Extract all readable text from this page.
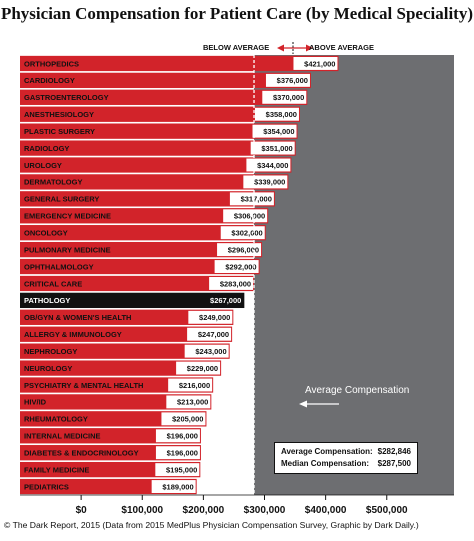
Physician Compensation for Patient Care (by Medical Speciality)
ORTHOPEDICS	$421,000
CARDIOLOGY	$376,000
GASTROENTEROLOGY	$370,000
ANESTHESIOLOGY	$358,000
PLASTIC SURGERY	$354,000
RADIOLOGY	$351,000
UROLOGY	$344,000
DERMATOLOGY	$339,000
GENERAL SURGERY	$317,000
EMERGENCY MEDICINE	$306,000
ONCOLOGY	$302,000
PULMONARY MEDICINE	$296,000
OPHTHALMOLOGY	$292,000
CRITICAL CARE	$283,000
PATHOLOGY	$267,000
OB/GYN & WOMEN'S HEALTH	$249,000
ALLERGY & IMMUNOLOGY	$247,000
NEPHROLOGY	$243,000
NEUROLOGY	$229,000
PSYCHIATRY & MENTAL HEALTH	$216,000
HIV/ID	$213,000
RHEUMATOLOGY	$205,000
INTERNAL MEDICINE	$196,000
DIABETES & ENDOCRINOLOGY	$196,000
FAMILY MEDICINE	$195,000
PEDIATRICS	$189,000
$0	$100,000 $200,000 $300,000 $400,000 $500,000
BELOW AVERAGE	ABOVE AVERAGE
Average Compensation
Average Compensation: $282,846
Median Compensation: $287,500
© The Dark Report, 2015 (Data from 2015 MedPlus Physician Compensation Survey, Graphic by Dark Daily.)
